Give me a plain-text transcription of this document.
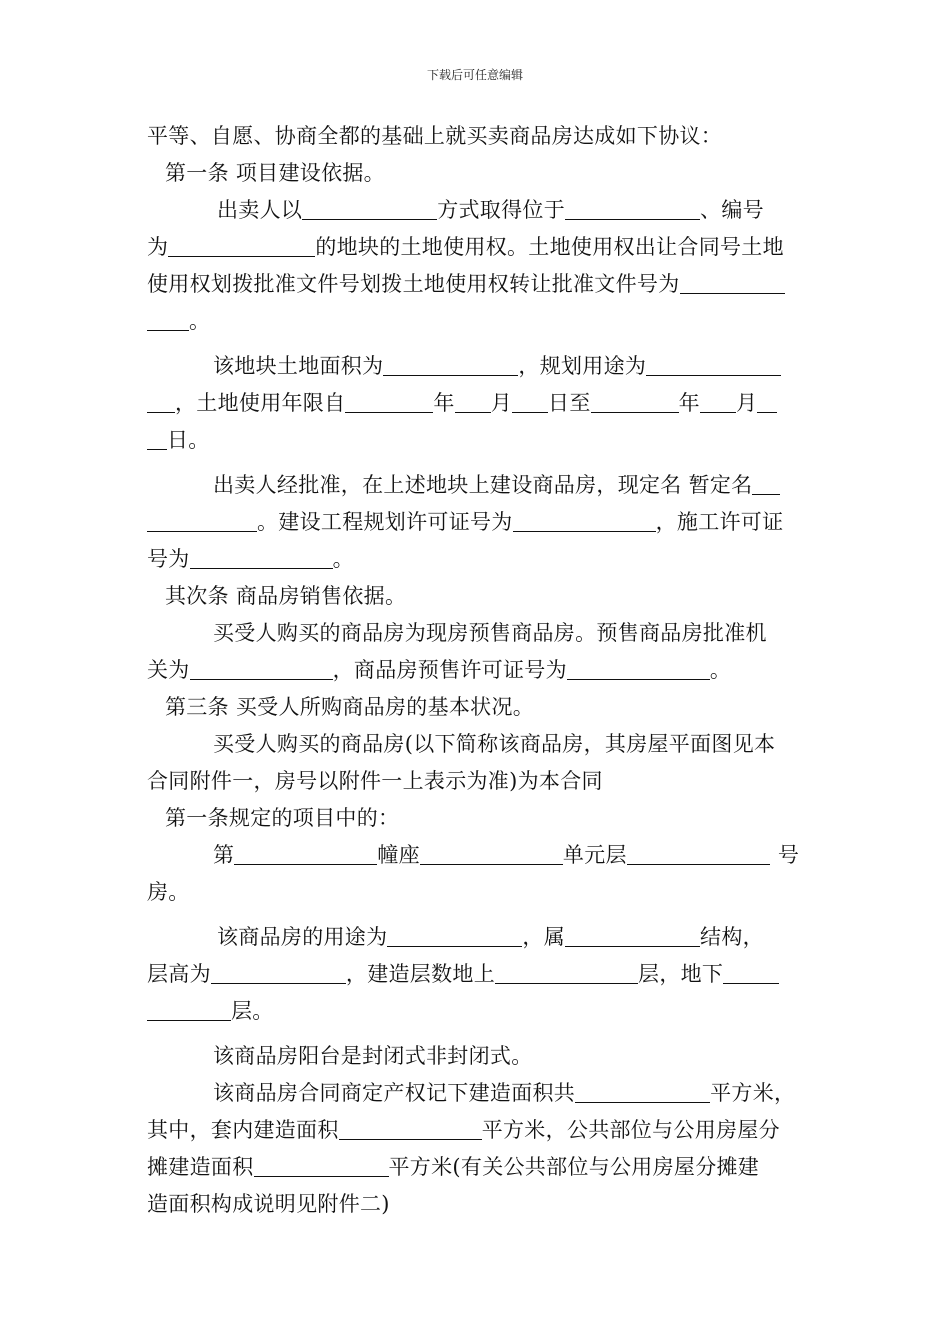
下载后可任意编辑
平等、自愿、协商全都的基础上就买卖商品房达成如下协议：
第一条 项目建设依据。
出卖人以	方式取得位于	、编号
为	的地块的土地使用权。土地使用权出让合同号土地
使用权划拨批准文件号划拨土地使用权转让批准文件号为
。
该地块土地面积为	，规划用途为
，土地使用年限自	年 月 日至	年 月
日。
出卖人经批准，在上述地块上建设商品房，现定名 暂定名
。建设工程规划许可证号为	，施工许可证
号为	。
其次条 商品房销售依据。
买受人购买的商品房为现房预售商品房。预售商品房批准机
关为	，商品房预售许可证号为	。
第三条 买受人所购商品房的基本状况。
买受人购买的商品房(以下简称该商品房，其房屋平面图见本
合同附件一，房号以附件一上表示为准)为本合同
第一条规定的项目中的：
第	幢座	单元层	号
房。
该商品房的用途为	，属	结构，
层高为	，建造层数地上	层，地下
层。
该商品房阳台是封闭式非封闭式。
该商品房合同商定产权记下建造面积共	平方米，
其中，套内建造面积	平方米，公共部位与公用房屋分
摊建造面积	平方米(有关公共部位与公用房屋分摊建
造面积构成说明见附件二)
